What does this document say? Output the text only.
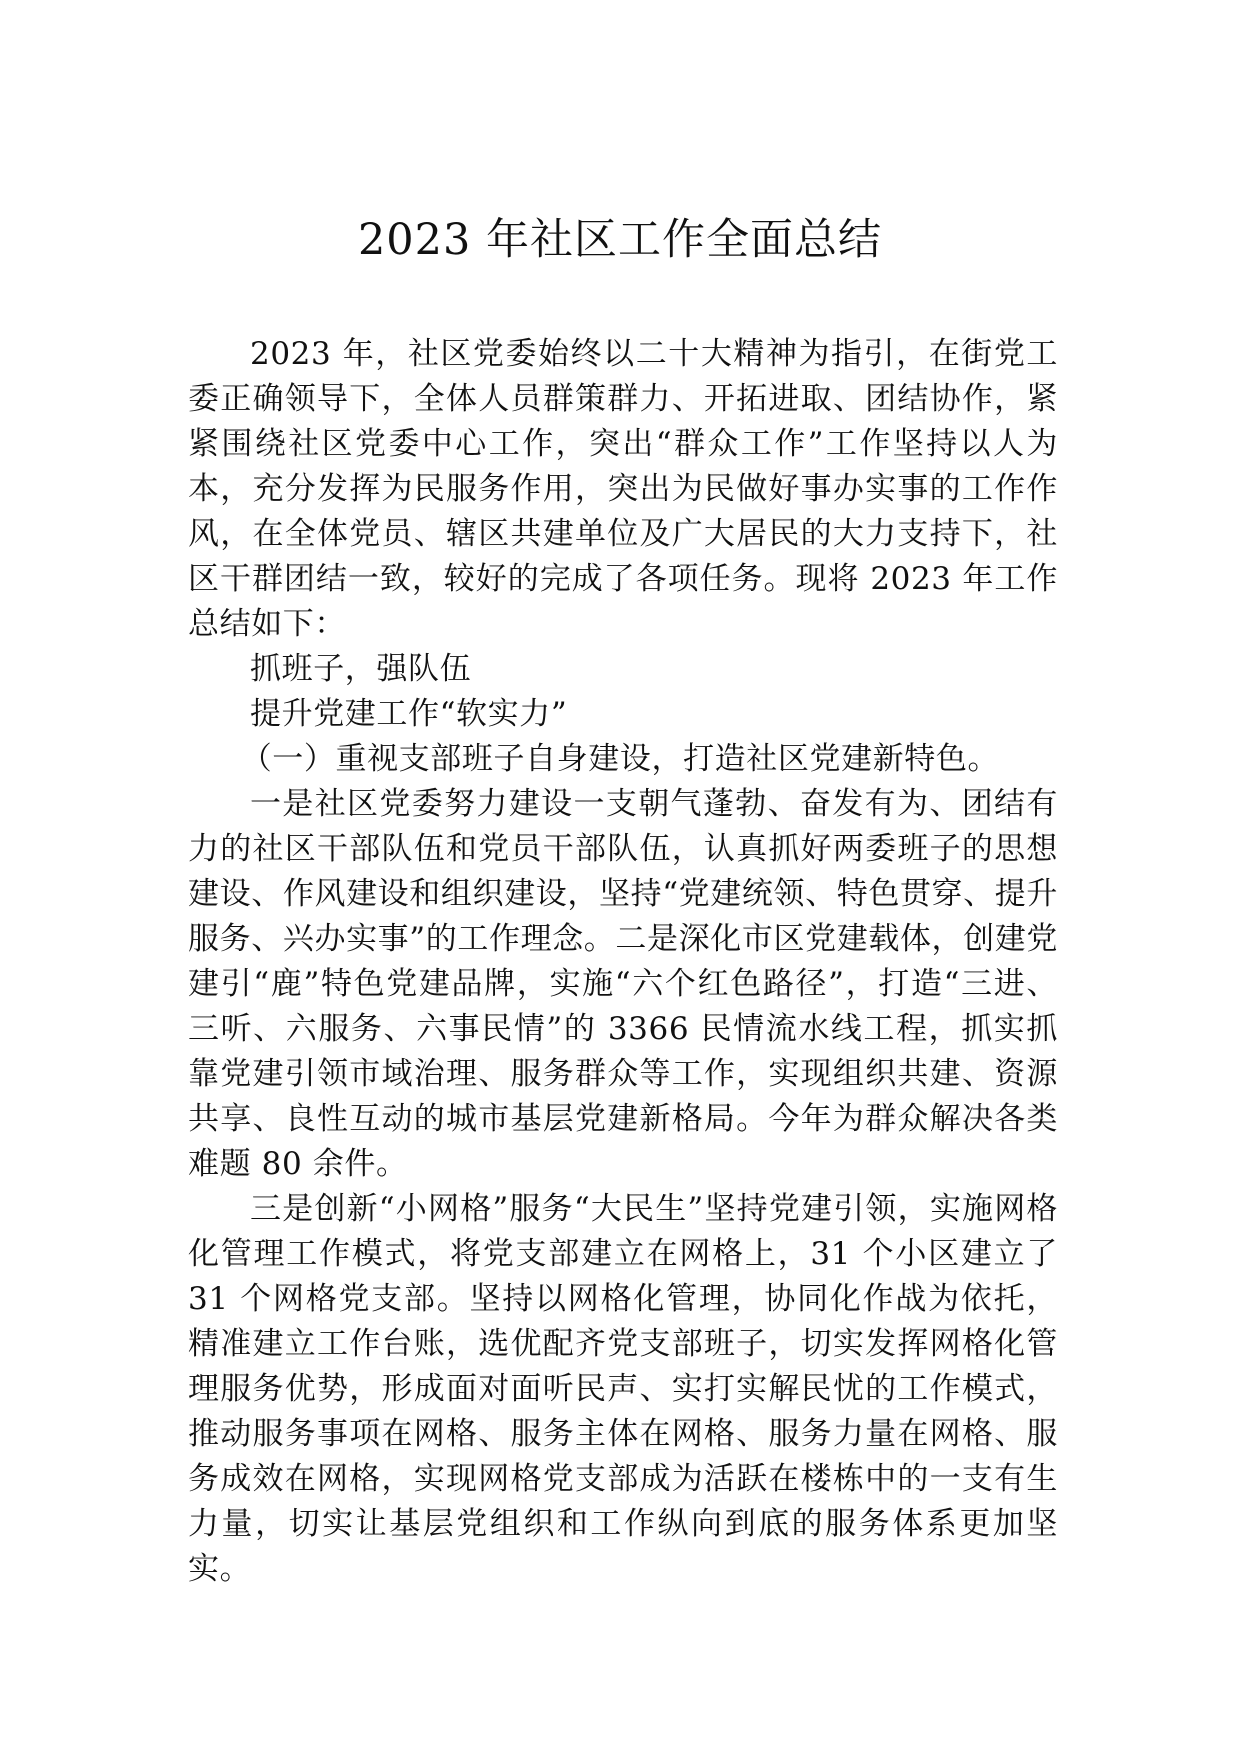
2023 年社区工作全面总结

2023 年，社区党委始终以二十大精神为指引，在街党工委正确领导下，全体人员群策群力、开拓进取、团结协作，紧紧围绕社区党委中心工作，突出“群众工作”工作坚持以人为本，充分发挥为民服务作用，突出为民做好事办实事的工作作风，在全体党员、辖区共建单位及广大居民的大力支持下，社区干群团结一致，较好的完成了各项任务。现将 2023 年工作总结如下：

抓班子，强队伍

提升党建工作“软实力”

（一）重视支部班子自身建设，打造社区党建新特色。

一是社区党委努力建设一支朝气蓬勃、奋发有为、团结有力的社区干部队伍和党员干部队伍，认真抓好两委班子的思想建设、作风建设和组织建设，坚持“党建统领、特色贯穿、提升服务、兴办实事”的工作理念。二是深化市区党建载体，创建党建引“鹿”特色党建品牌，实施“六个红色路径”，打造“三进、三听、六服务、六事民情”的 3366 民情流水线工程，抓实抓靠党建引领市域治理、服务群众等工作，实现组织共建、资源共享、良性互动的城市基层党建新格局。今年为群众解决各类难题 80 余件。

三是创新“小网格”服务“大民生”坚持党建引领，实施网格化管理工作模式，将党支部建立在网格上，31 个小区建立了 31 个网格党支部。坚持以网格化管理，协同化作战为依托，精准建立工作台账，选优配齐党支部班子，切实发挥网格化管理服务优势，形成面对面听民声、实打实解民忧的工作模式，推动服务事项在网格、服务主体在网格、服务力量在网格、服务成效在网格，实现网格党支部成为活跃在楼栋中的一支有生力量，切实让基层党组织和工作纵向到底的服务体系更加坚实。
